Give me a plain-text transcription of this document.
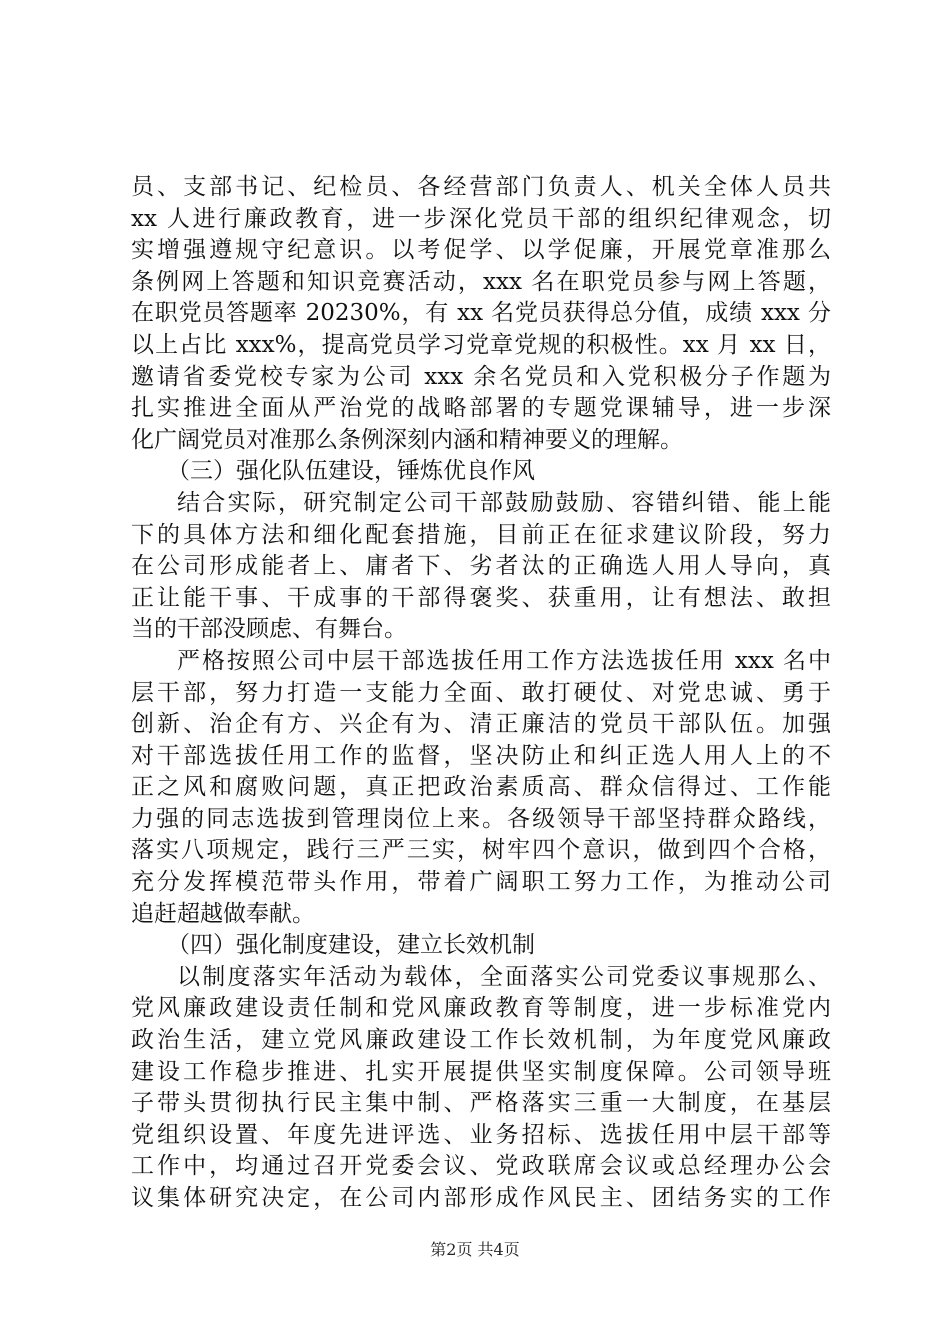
员、支部书记、纪检员、各经营部门负责人、机关全体人员共
xx 人进行廉政教育，进一步深化党员干部的组织纪律观念，切
实增强遵规守纪意识。以考促学、以学促廉，开展党章准那么
条例网上答题和知识竞赛活动，xxx 名在职党员参与网上答题，
在职党员答题率 20230%，有 xx 名党员获得总分值，成绩 xxx 分
以上占比 xxx%，提高党员学习党章党规的积极性。xx 月 xx 日，
邀请省委党校专家为公司 xxx 余名党员和入党积极分子作题为
扎实推进全面从严治党的战略部署的专题党课辅导，进一步深
化广阔党员对准那么条例深刻内涵和精神要义的理解。
（三）强化队伍建设，锤炼优良作风
结合实际，研究制定公司干部鼓励鼓励、容错纠错、能上能
下的具体方法和细化配套措施，目前正在征求建议阶段，努力
在公司形成能者上、庸者下、劣者汰的正确选人用人导向，真
正让能干事、干成事的干部得褒奖、获重用，让有想法、敢担
当的干部没顾虑、有舞台。
严格按照公司中层干部选拔任用工作方法选拔任用 xxx 名中
层干部，努力打造一支能力全面、敢打硬仗、对党忠诚、勇于
创新、治企有方、兴企有为、清正廉洁的党员干部队伍。加强
对干部选拔任用工作的监督，坚决防止和纠正选人用人上的不
正之风和腐败问题，真正把政治素质高、群众信得过、工作能
力强的同志选拔到管理岗位上来。各级领导干部坚持群众路线，
落实八项规定，践行三严三实，树牢四个意识，做到四个合格，
充分发挥模范带头作用，带着广阔职工努力工作，为推动公司
追赶超越做奉献。
（四）强化制度建设，建立长效机制
以制度落实年活动为载体，全面落实公司党委议事规那么、
党风廉政建设责任制和党风廉政教育等制度，进一步标准党内
政治生活，建立党风廉政建设工作长效机制，为年度党风廉政
建设工作稳步推进、扎实开展提供坚实制度保障。公司领导班
子带头贯彻执行民主集中制、严格落实三重一大制度，在基层
党组织设置、年度先进评选、业务招标、选拔任用中层干部等
工作中，均通过召开党委会议、党政联席会议或总经理办公会
议集体研究决定，在公司内部形成作风民主、团结务实的工作
第2页 共4页
